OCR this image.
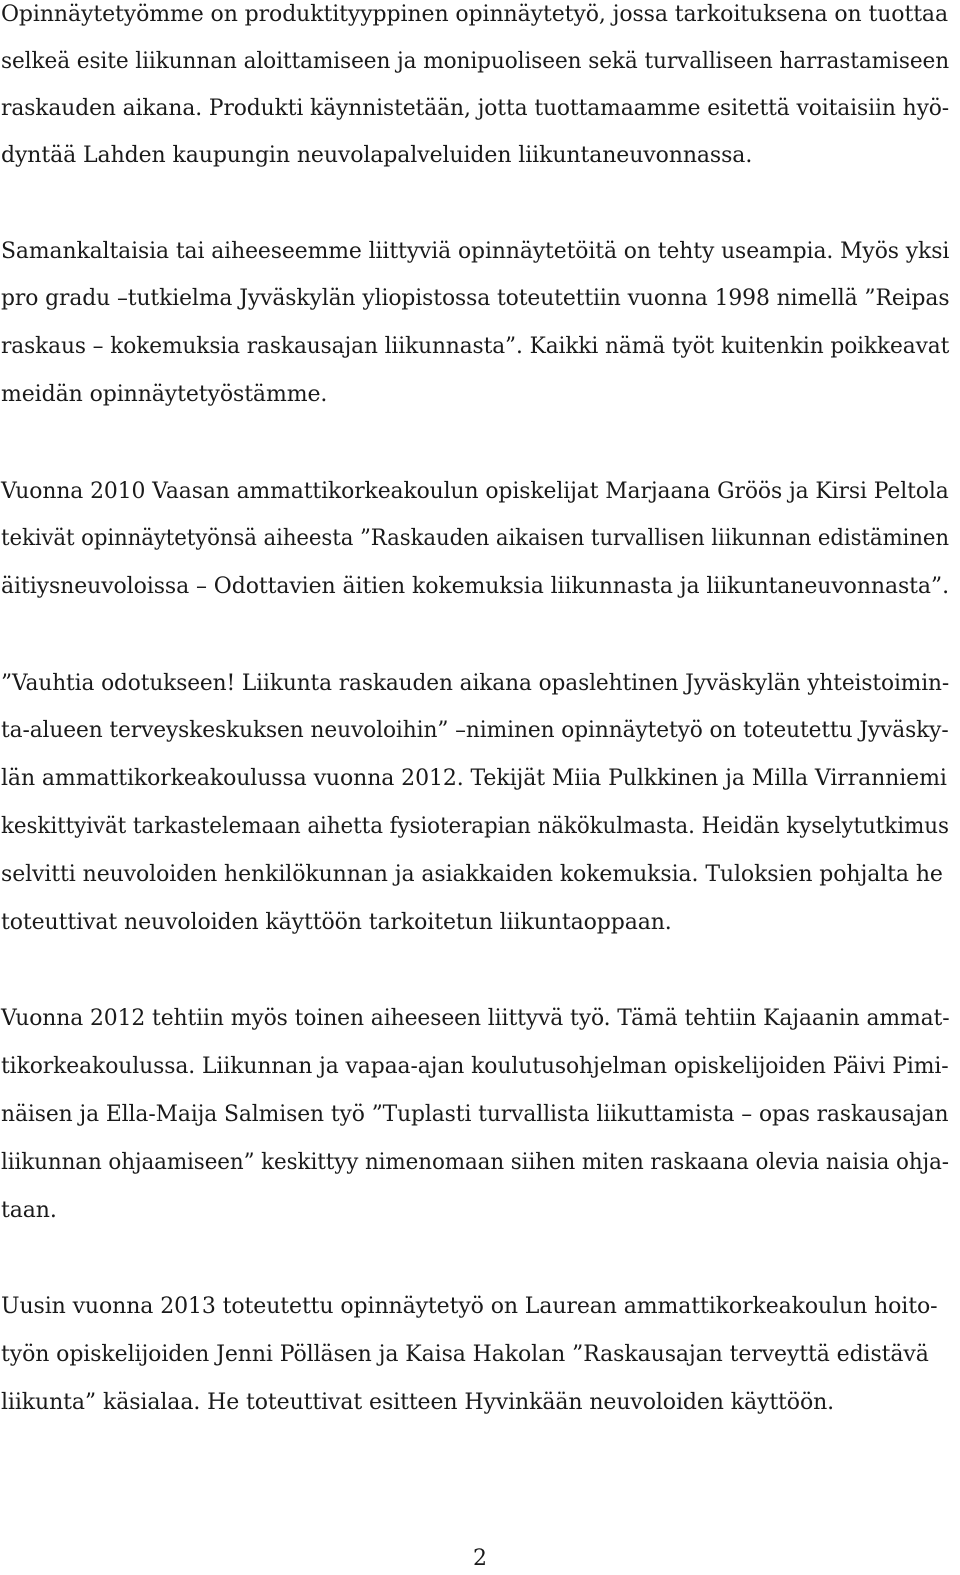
Opinnäytetyömme on produktityyppinen opinnäytetyö, jossa tarkoituksena on tuottaa

selkeä esite liikunnan aloittamiseen ja monipuoliseen sekä turvalliseen harrastamiseen

raskauden aikana. Produkti käynnistetään, jotta tuottamaamme esitettä voitaisiin hyö-

dyntää Lahden kaupungin neuvolapalveluiden liikuntaneuvonnassa.

Samankaltaisia tai aiheeseemme liittyviä opinnäytetöitä on tehty useampia. Myös yksi

pro gradu –tutkielma Jyväskylän yliopistossa toteutettiin vuonna 1998 nimellä ”Reipas

raskaus – kokemuksia raskausajan liikunnasta”. Kaikki nämä työt kuitenkin poikkeavat

meidän opinnäytetyöstämme.

Vuonna 2010 Vaasan ammattikorkeakoulun opiskelijat Marjaana Gröös ja Kirsi Peltola

tekivät opinnäytetyönsä aiheesta ”Raskauden aikaisen turvallisen liikunnan edistäminen

äitiysneuvoloissa – Odottavien äitien kokemuksia liikunnasta ja liikuntaneuvonnasta”.

”Vauhtia odotukseen! Liikunta raskauden aikana opaslehtinen Jyväskylän yhteistoimin-

ta-alueen terveyskeskuksen neuvoloihin” –niminen opinnäytetyö on toteutettu Jyväsky-

län ammattikorkeakoulussa vuonna 2012. Tekijät Miia Pulkkinen ja Milla Virranniemi

keskittyivät tarkastelemaan aihetta fysioterapian näkökulmasta. Heidän kyselytutkimus

selvitti neuvoloiden henkilökunnan ja asiakkaiden kokemuksia. Tuloksien pohjalta he

toteuttivat neuvoloiden käyttöön tarkoitetun liikuntaoppaan.

Vuonna 2012 tehtiin myös toinen aiheeseen liittyvä työ. Tämä tehtiin Kajaanin ammat-

tikorkeakoulussa. Liikunnan ja vapaa-ajan koulutusohjelman opiskelijoiden Päivi Pimi-

näisen ja Ella-Maija Salmisen työ ”Tuplasti turvallista liikuttamista – opas raskausajan

liikunnan ohjaamiseen” keskittyy nimenomaan siihen miten raskaana olevia naisia ohja-

taan.

Uusin vuonna 2013 toteutettu opinnäytetyö on Laurean ammattikorkeakoulun hoito-

työn opiskelijoiden Jenni Pölläsen ja Kaisa Hakolan ”Raskausajan terveyttä edistävä

liikunta” käsialaa. He toteuttivat esitteen Hyvinkään neuvoloiden käyttöön.

2
